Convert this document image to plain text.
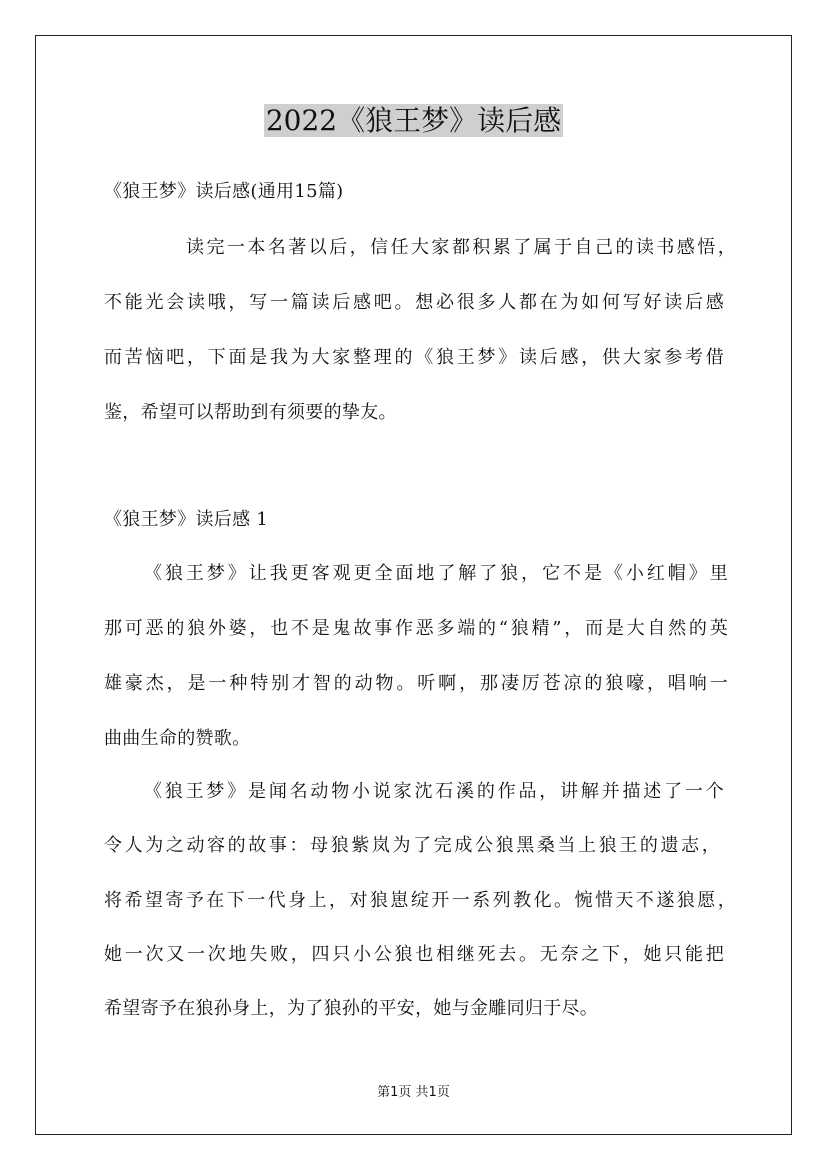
2022《狼王梦》读后感

《狼王梦》读后感(通用15篇)

读完一本名著以后，信任大家都积累了属于自己的读书感悟，

不能光会读哦，写一篇读后感吧。想必很多人都在为如何写好读后感

而苦恼吧，下面是我为大家整理的《狼王梦》读后感，供大家参考借

鉴，希望可以帮助到有须要的挚友。

《狼王梦》读后感 1

《狼王梦》让我更客观更全面地了解了狼，它不是《小红帽》里

那可恶的狼外婆，也不是鬼故事作恶多端的“狼精”，而是大自然的英

雄豪杰，是一种特别才智的动物。听啊，那凄厉苍凉的狼嚎，唱响一

曲曲生命的赞歌。

《狼王梦》是闻名动物小说家沈石溪的作品，讲解并描述了一个

令人为之动容的故事：母狼紫岚为了完成公狼黑桑当上狼王的遗志，

将希望寄予在下一代身上，对狼崽绽开一系列教化。惋惜天不遂狼愿，

她一次又一次地失败，四只小公狼也相继死去。无奈之下，她只能把

希望寄予在狼孙身上，为了狼孙的平安，她与金雕同归于尽。

第1页 共1页
